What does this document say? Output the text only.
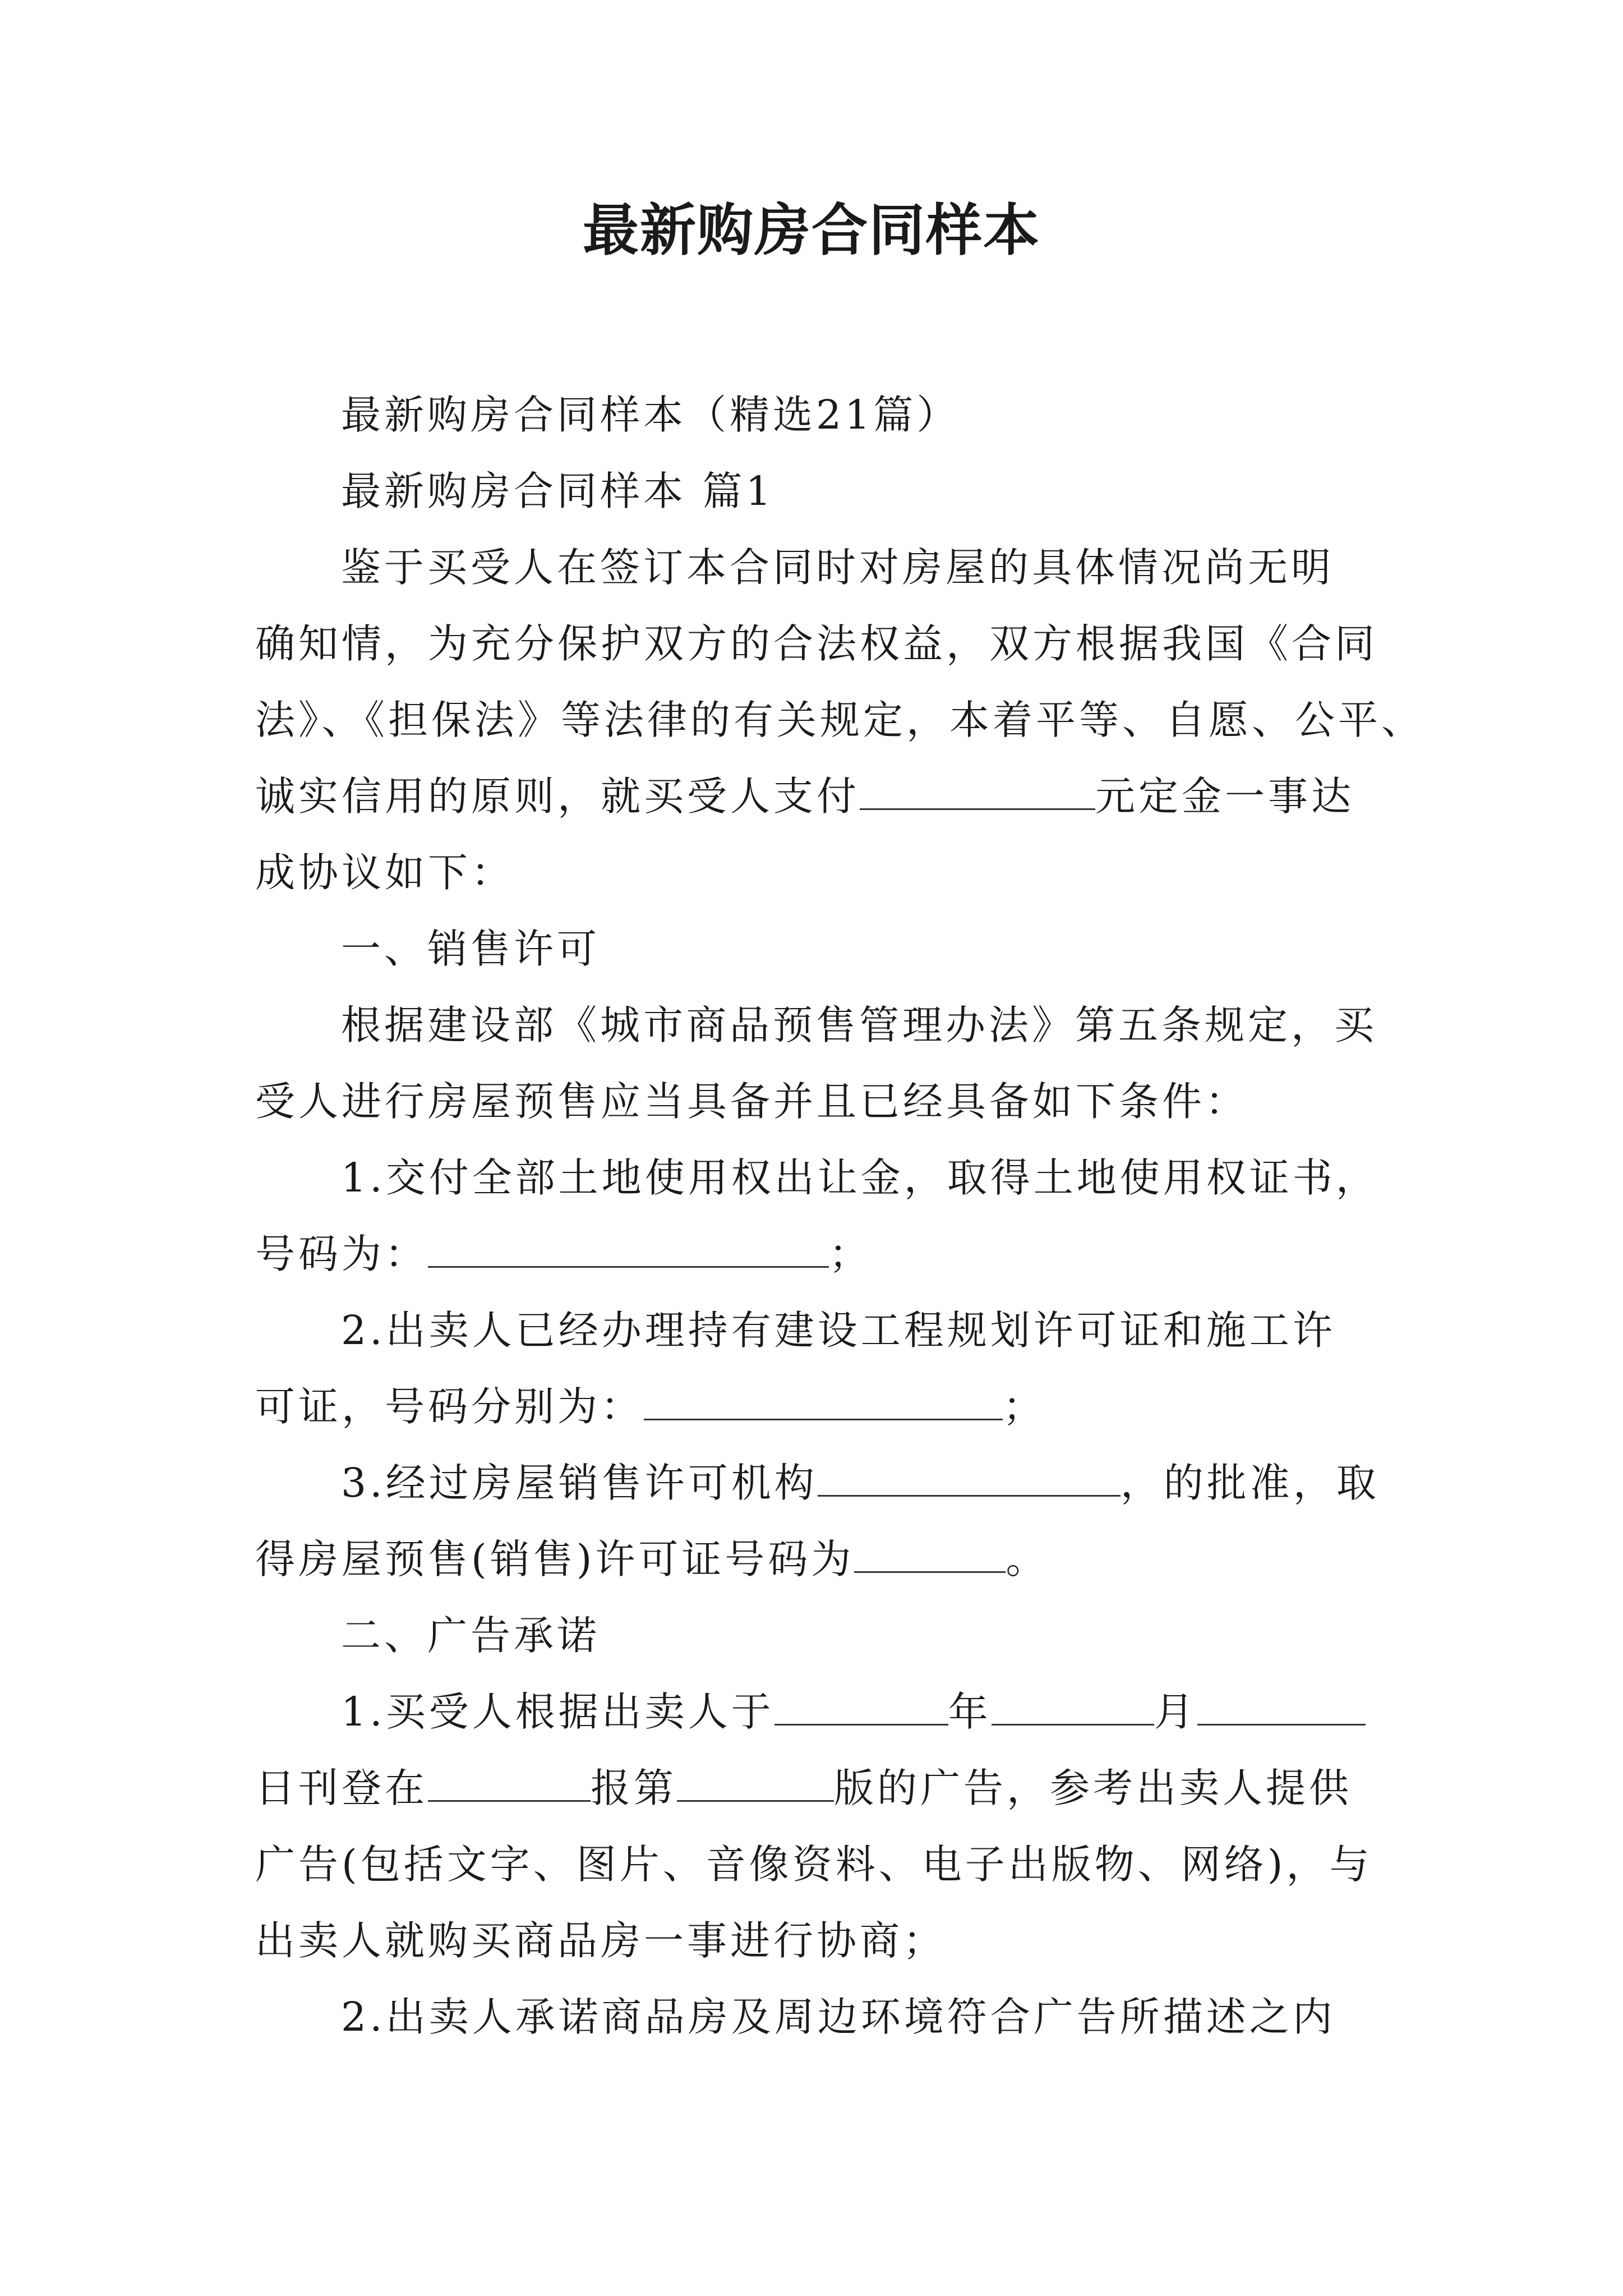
最新购房合同样本

最新购房合同样本（精选21篇）

最新购房合同样本 篇1

鉴于买受人在签订本合同时对房屋的具体情况尚无明

确知情，为充分保护双方的合法权益，双方根据我国《合同

法》、《担保法》等法律的有关规定，本着平等、自愿、公平、

诚实信用的原则，就买受人支付	元定金一事达

成协议如下：

一、销售许可

根据建设部《城市商品预售管理办法》第五条规定，买

受人进行房屋预售应当具备并且已经具备如下条件：

1.交付全部土地使用权出让金，取得土地使用权证书，

号码为：	；

2.出卖人已经办理持有建设工程规划许可证和施工许

可证，号码分别为：	；

3.经过房屋销售许可机构	，的批准，取

得房屋预售(销售)许可证号码为	。

二、广告承诺

1.买受人根据出卖人于	年	月

日刊登在	报第	版的广告，参考出卖人提供

广告(包括文字、图片、音像资料、电子出版物、网络)，与

出卖人就购买商品房一事进行协商；

2.出卖人承诺商品房及周边环境符合广告所描述之内
